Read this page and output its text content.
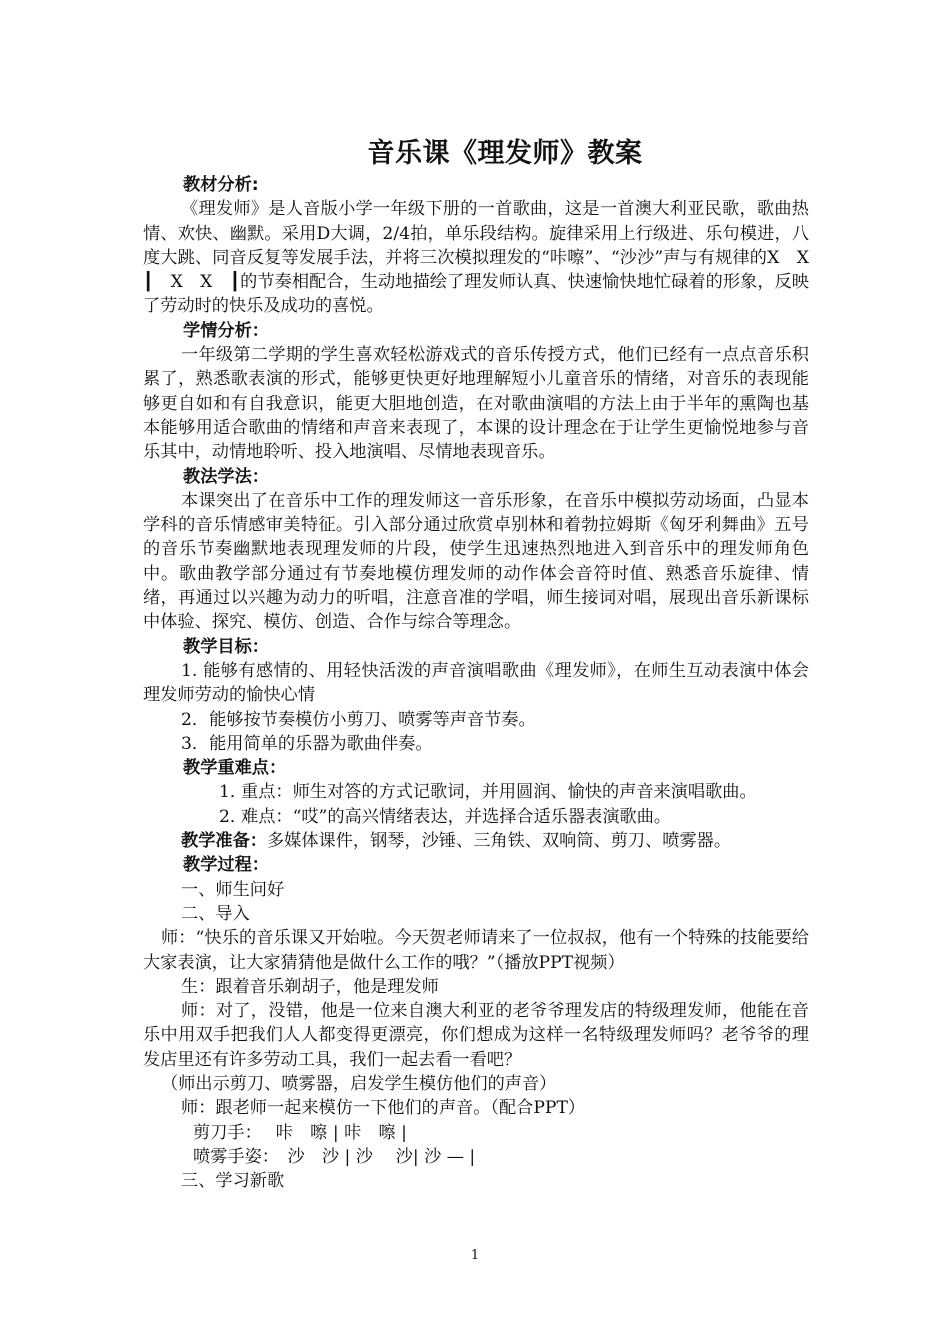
音乐课《理发师》教案

教材分析:

《理发师》是人音版小学一年级下册的一首歌曲，这是一首澳大利亚民歌，歌曲热情、欢快、幽默。采用D大调，2/4拍，单乐段结构。旋律采用上行级进、乐句模进，八度大跳、同音反复等发展手法，并将三次模拟理发的“咔嚓”、“沙沙”声与有规律的X　X　┃　X　X　┃的节奏相配合，生动地描绘了理发师认真、快速愉快地忙碌着的形象，反映了劳动时的快乐及成功的喜悦。

学情分析：

一年级第二学期的学生喜欢轻松游戏式的音乐传授方式，他们已经有一点点音乐积累了，熟悉歌表演的形式，能够更快更好地理解短小儿童音乐的情绪，对音乐的表现能够更自如和有自我意识，能更大胆地创造，在对歌曲演唱的方法上由于半年的熏陶也基本能够用适合歌曲的情绪和声音来表现了，本课的设计理念在于让学生更愉悦地参与音乐其中，动情地聆听、投入地演唱、尽情地表现音乐。

教法学法：

本课突出了在音乐中工作的理发师这一音乐形象，在音乐中模拟劳动场面，凸显本学科的音乐情感审美特征。引入部分通过欣赏卓别林和着勃拉姆斯《匈牙利舞曲》五号的音乐节奏幽默地表现理发师的片段，使学生迅速热烈地进入到音乐中的理发师角色中。歌曲教学部分通过有节奏地模仿理发师的动作体会音符时值、熟悉音乐旋律、情绪，再通过以兴趣为动力的听唱，注意音准的学唱，师生接词对唱，展现出音乐新课标中体验、探究、模仿、创造、合作与综合等理念。

教学目标：

1. 能够有感情的、用轻快活泼的声音演唱歌曲《理发师》，在师生互动表演中体会理发师劳动的愉快心情

2．能够按节奏模仿小剪刀、喷雾等声音节奏。

3．能用简单的乐器为歌曲伴奏。

教学重难点：

1．重点：师生对答的方式记歌词，并用圆润、愉快的声音来演唱歌曲。

2．难点：“哎”的高兴情绪表达，并选择合适乐器表演歌曲。

教学准备：多媒体课件，钢琴，沙锤、三角铁、双响筒、剪刀、喷雾器。

教学过程：

一、师生问好

二、导入

师：“快乐的音乐课又开始啦。今天贺老师请来了一位叔叔，他有一个特殊的技能要给大家表演，让大家猜猜他是做什么工作的哦？”（播放PPT视频）

生：跟着音乐剃胡子，他是理发师

师：对了，没错，他是一位来自澳大利亚的老爷爷理发店的特级理发师，他能在音乐中用双手把我们人人都变得更漂亮，你们想成为这样一名特级理发师吗？老爷爷的理发店里还有许多劳动工具，我们一起去看一看吧？

（师出示剪刀、喷雾器，启发学生模仿他们的声音）

师：跟老师一起来模仿一下他们的声音。（配合PPT）

剪刀手：　 咔　嚓 | 咔　嚓 |

喷雾手姿：　沙　沙 | 沙　 沙| 沙 — |

三、学习新歌

1
